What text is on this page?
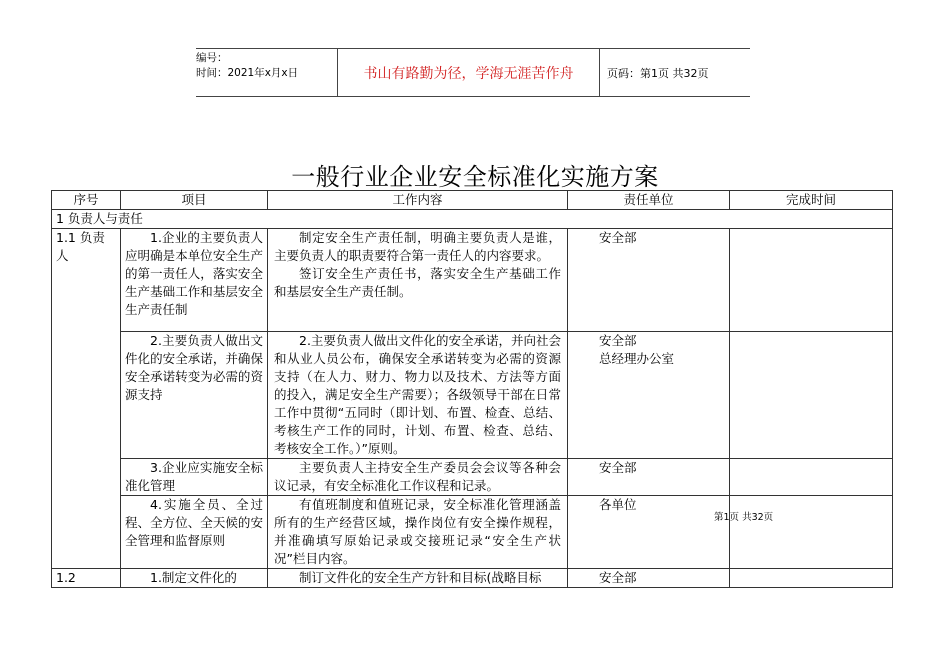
编号：
时间：2021年x月x日	书山有路勤为径，学海无涯苦作舟	页码：第1页 共32页
一般行业企业安全标准化实施方案
序号	项目	工作内容	责任单位	完成时间
1 负责人与责任				
1.1 负责人	1.企业的主要负责人应明确是本单位安全生产的第一责任人，落实安全生产基础工作和基层安全生产责任制	制定安全生产责任制，明确主要负责人是谁，主要负责人的职责要符合第一责任人的内容要求。
签订安全生产责任书，落实安全生产基础工作和基层安全生产责任制。	安全部	
	2.主要负责人做出文件化的安全承诺，并确保安全承诺转变为必需的资源支持	2.主要负责人做出文件化的安全承诺，并向社会和从业人员公布，确保安全承诺转变为必需的资源支持（在人力、财力、物力以及技术、方法等方面的投入，满足安全生产需要）；各级领导干部在日常工作中贯彻“五同时（即计划、布置、检查、总结、考核生产工作的同时，计划、布置、检查、总结、考核安全工作。）”原则。	安全部
总经理办公室	

	3.企业应实施安全标准化管理	主要负责人主持安全生产委员会会议等各种会议记录，有安全标准化工作议程和记录。	安全部	
	4.实施全员、全过程、全方位、全天候的安全管理和监督原则	有值班制度和值班记录，安全标准化管理涵盖所有的生产经营区域，操作岗位有安全操作规程，并准确填写原始记录或交接班记录“安全生产状况”栏目内容。	各单位	
1.2	1.制定文件化的	制订文件化的安全生产方针和目标(战略目标	安全部	
第1页 共32页
